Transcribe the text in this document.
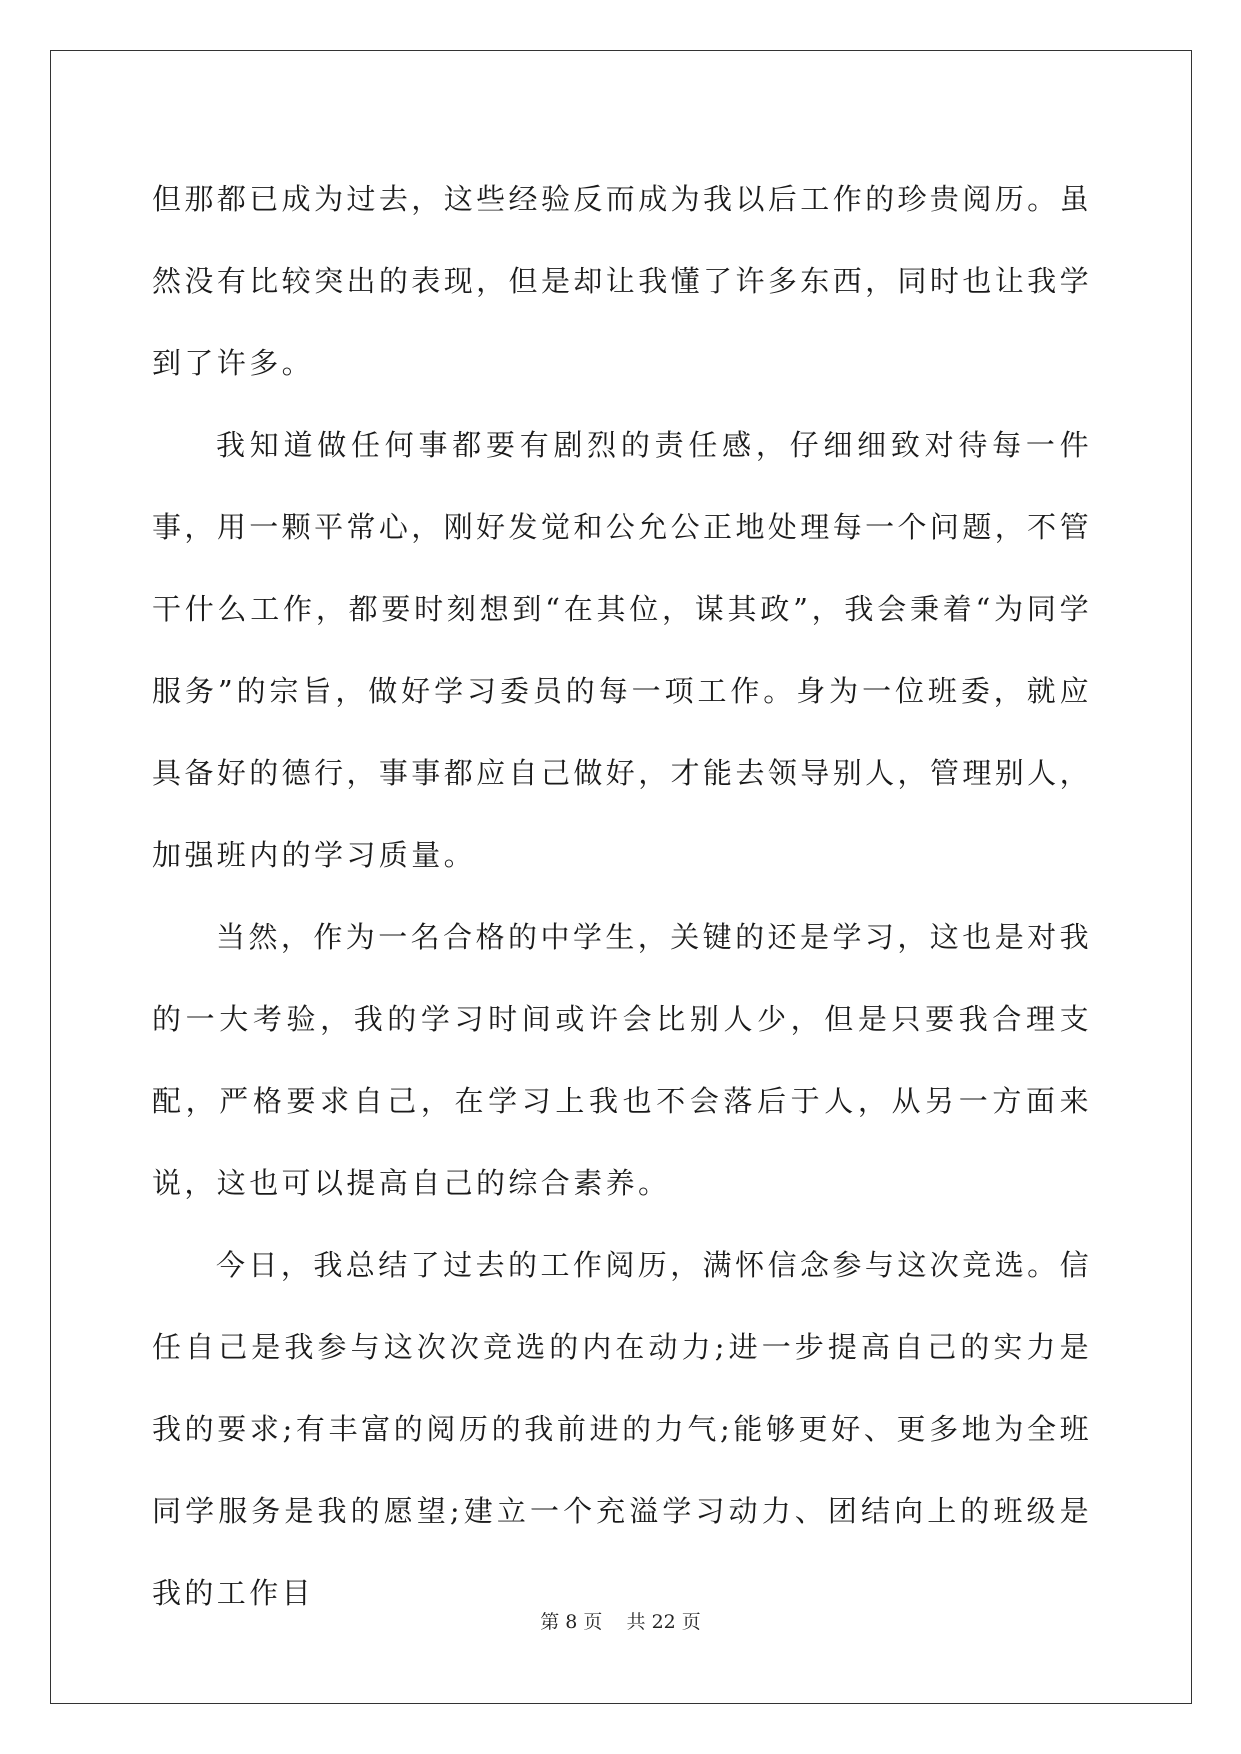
但那都已成为过去，这些经验反而成为我以后工作的珍贵阅历。虽然没有比较突出的表现，但是却让我懂了许多东西，同时也让我学到了许多。

我知道做任何事都要有剧烈的责任感，仔细细致对待每一件事，用一颗平常心，刚好发觉和公允公正地处理每一个问题，不管干什么工作，都要时刻想到“在其位，谋其政”，我会秉着“为同学服务”的宗旨，做好学习委员的每一项工作。身为一位班委，就应具备好的德行，事事都应自己做好，才能去领导别人，管理别人，加强班内的学习质量。

当然，作为一名合格的中学生，关键的还是学习，这也是对我的一大考验，我的学习时间或许会比别人少，但是只要我合理支配，严格要求自己，在学习上我也不会落后于人，从另一方面来说，这也可以提高自己的综合素养。

今日，我总结了过去的工作阅历，满怀信念参与这次竞选。信任自己是我参与这次次竞选的内在动力;进一步提高自己的实力是我的要求;有丰富的阅历的我前进的力气;能够更好、更多地为全班同学服务是我的愿望;建立一个充溢学习动力、团结向上的班级是我的工作目

第 8 页    共 22 页
